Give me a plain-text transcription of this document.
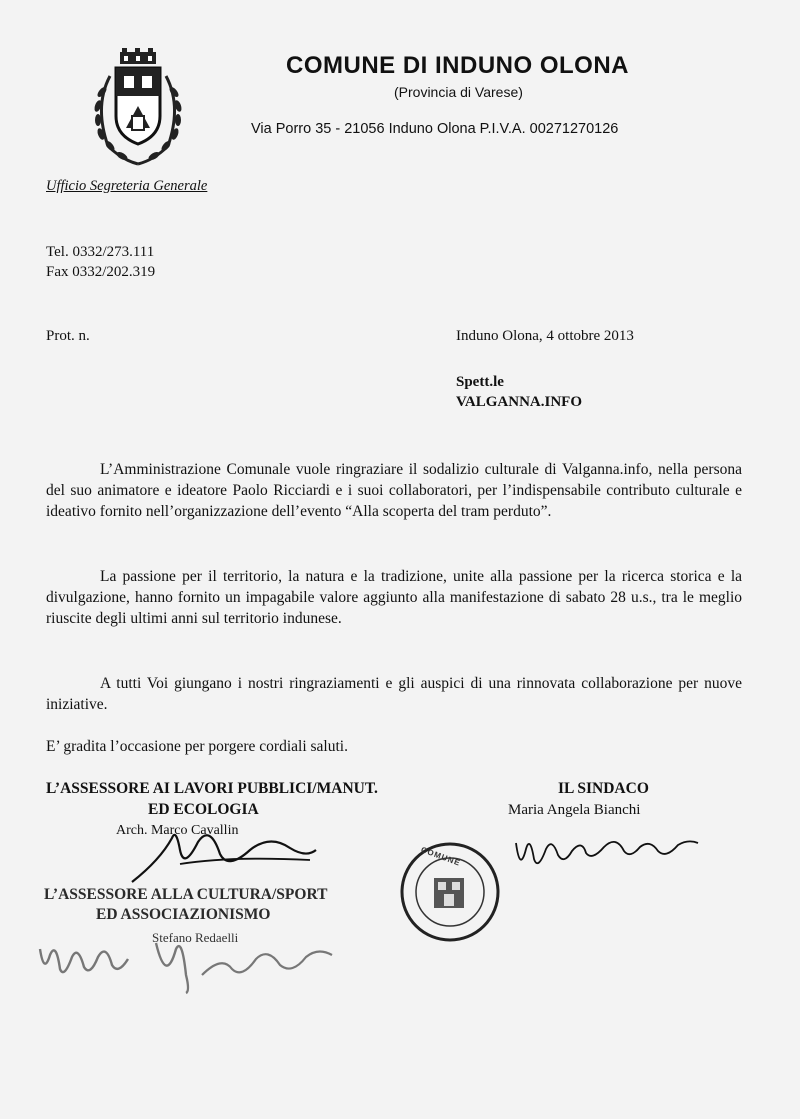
COMUNE DI INDUNO OLONA
(Provincia di Varese)
Via Porro 35 - 21056 Induno Olona P.I.V.A. 00271270126
Ufficio Segreteria Generale
Tel. 0332/273.111
Fax 0332/202.319
Prot. n.	Induno Olona, 4 ottobre 2013
Spett.le
VALGANNA.INFO

L’Amministrazione Comunale vuole ringraziare il sodalizio culturale di Valganna.info, nella persona del suo animatore e ideatore Paolo Ricciardi e i suoi collaboratori, per l’indispensabile contributo culturale e ideativo fornito nell’organizzazione dell’evento “Alla scoperta del tram perduto”.

La passione per il territorio, la natura e la tradizione, unite alla passione per la ricerca storica e la divulgazione, hanno fornito un impagabile valore aggiunto alla manifestazione di sabato 28 u.s., tra le meglio riuscite degli ultimi anni sul territorio indunese.

A tutti Voi giungano i nostri ringraziamenti e gli auspici di una rinnovata collaborazione per nuove iniziative.

E’ gradita l’occasione per porgere cordiali saluti.

L’ASSESSORE AI LAVORI PUBBLICI/MANUT.
ED ECOLOGIA
Arch. Marco Cavallin
IL SINDACO
Maria Angela Bianchi
COMUNE
L’ASSESSORE ALLA CULTURA/SPORT
ED ASSOCIAZIONISMO
Stefano Redaelli
